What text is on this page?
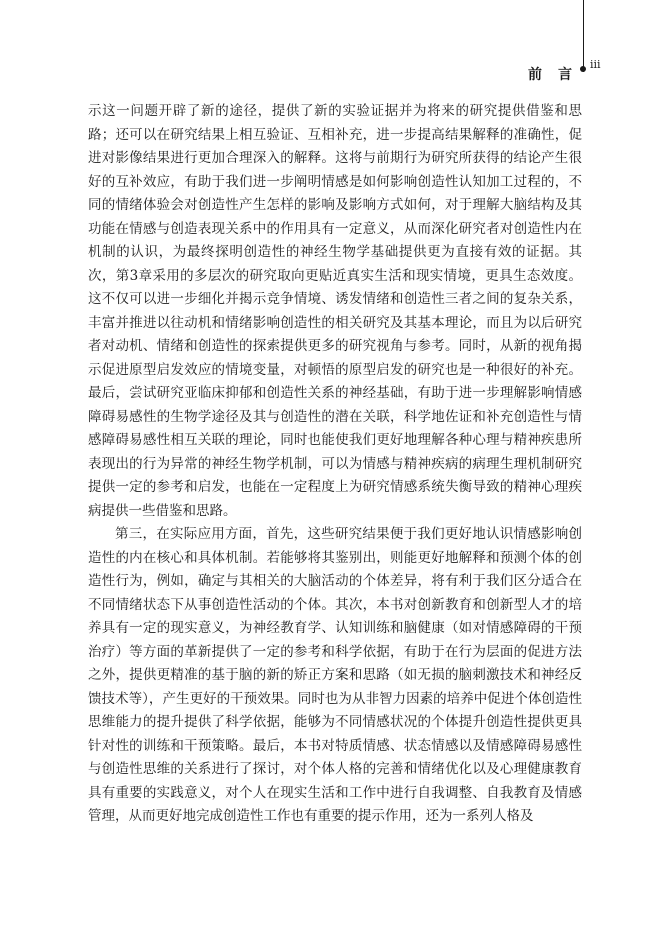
前言
iii

示这一问题开辟了新的途径，提供了新的实验证据并为将来的研究提供借鉴和思路；还可以在研究结果上相互验证、互相补充，进一步提高结果解释的准确性，促进对影像结果进行更加合理深入的解释。这将与前期行为研究所获得的结论产生很好的互补效应，有助于我们进一步阐明情感是如何影响创造性认知加工过程的，不同的情绪体验会对创造性产生怎样的影响及影响方式如何，对于理解大脑结构及其功能在情感与创造表现关系中的作用具有一定意义，从而深化研究者对创造性内在机制的认识，为最终探明创造性的神经生物学基础提供更为直接有效的证据。其次，第3章采用的多层次的研究取向更贴近真实生活和现实情境，更具生态效度。这不仅可以进一步细化并揭示竞争情境、诱发情绪和创造性三者之间的复杂关系，丰富并推进以往动机和情绪影响创造性的相关研究及其基本理论，而且为以后研究者对动机、情绪和创造性的探索提供更多的研究视角与参考。同时，从新的视角揭示促进原型启发效应的情境变量，对顿悟的原型启发的研究也是一种很好的补充。最后，尝试研究亚临床抑郁和创造性关系的神经基础，有助于进一步理解影响情感障碍易感性的生物学途径及其与创造性的潜在关联，科学地佐证和补充创造性与情感障碍易感性相互关联的理论，同时也能使我们更好地理解各种心理与精神疾患所表现出的行为异常的神经生物学机制，可以为情感与精神疾病的病理生理机制研究提供一定的参考和启发，也能在一定程度上为研究情感系统失衡导致的精神心理疾病提供一些借鉴和思路。

第三，在实际应用方面，首先，这些研究结果便于我们更好地认识情感影响创造性的内在核心和具体机制。若能够将其鉴别出，则能更好地解释和预测个体的创造性行为，例如，确定与其相关的大脑活动的个体差异，将有利于我们区分适合在不同情绪状态下从事创造性活动的个体。其次，本书对创新教育和创新型人才的培养具有一定的现实意义，为神经教育学、认知训练和脑健康（如对情感障碍的干预治疗）等方面的革新提供了一定的参考和科学依据，有助于在行为层面的促进方法之外，提供更精准的基于脑的新的矫正方案和思路（如无损的脑刺激技术和神经反馈技术等），产生更好的干预效果。同时也为从非智力因素的培养中促进个体创造性思维能力的提升提供了科学依据，能够为不同情感状况的个体提升创造性提供更具针对性的训练和干预策略。最后，本书对特质情感、状态情感以及情感障碍易感性与创造性思维的关系进行了探讨，对个体人格的完善和情绪优化以及心理健康教育具有重要的实践意义，对个人在现实生活和工作中进行自我调整、自我教育及情感管理，从而更好地完成创造性工作也有重要的提示作用，还为一系列人格及
